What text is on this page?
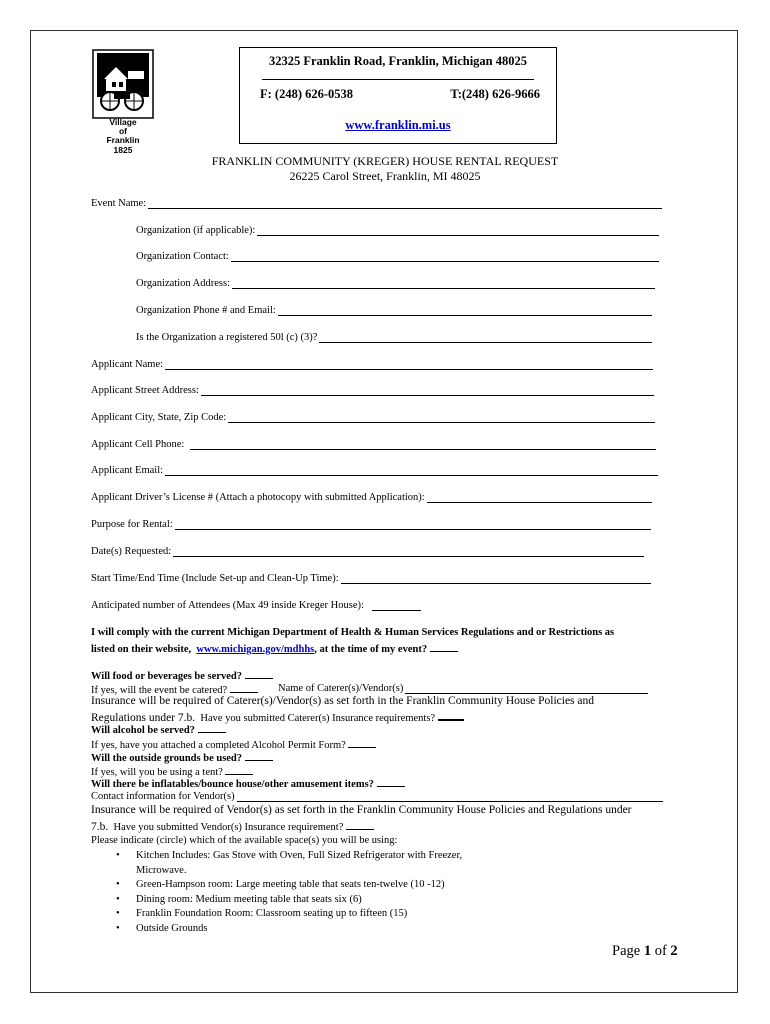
Village
of
Franklin
1825
32325 Franklin Road, Franklin, Michigan 48025
F: (248) 626-0538	T:(248) 626-9666
www.franklin.mi.us
FRANKLIN COMMUNITY (KREGER) HOUSE RENTAL REQUEST
26225 Carol Street, Franklin, MI 48025
Event Name:
Organization (if applicable):
Organization Contact:
Organization Address:
Organization Phone # and Email:
Is the Organization a registered 50l (c) (3)?
Applicant Name:
Applicant Street Address:
Applicant City, State, Zip Code:
Applicant Cell Phone:
Applicant Email:
Applicant Driver’s License # (Attach a photocopy with submitted Application):
Purpose for Rental:
Date(s) Requested:
Start Time/End Time (Include Set-up and Clean-Up Time):
Anticipated number of Attendees (Max 49 inside Kreger House):
I will comply with the current Michigan Department of Health & Human Services Regulations and or Restrictions as
listed on their website, www.michigan.gov/mdhhs, at the time of my event?
Will food or beverages be served?
If yes, will the event be catered?	Name of Caterer(s)/Vendor(s)
Insurance will be required of Caterer(s)/Vendor(s) as set forth in the Franklin Community House Policies and
Regulations under 7.b. Have you submitted Caterer(s) Insurance requirements?
Will alcohol be served?
If yes, have you attached a completed Alcohol Permit Form?
Will the outside grounds be used?
If yes, will you be using a tent?
Will there be inflatables/bounce house/other amusement items?
Contact information for Vendor(s)
Insurance will be required of Vendor(s) as set forth in the Franklin Community House Policies and Regulations under
7.b. Have you submitted Vendor(s) Insurance requirement?
Please indicate (circle) which of the available space(s) you will be using:
• Kitchen Includes: Gas Stove with Oven, Full Sized Refrigerator with Freezer,
Microwave.
• Green-Hampson room: Large meeting table that seats ten-twelve (10 -12)
• Dining room: Medium meeting table that seats six (6)
• Franklin Foundation Room: Classroom seating up to fifteen (15)
• Outside Grounds
Page 1 of 2
